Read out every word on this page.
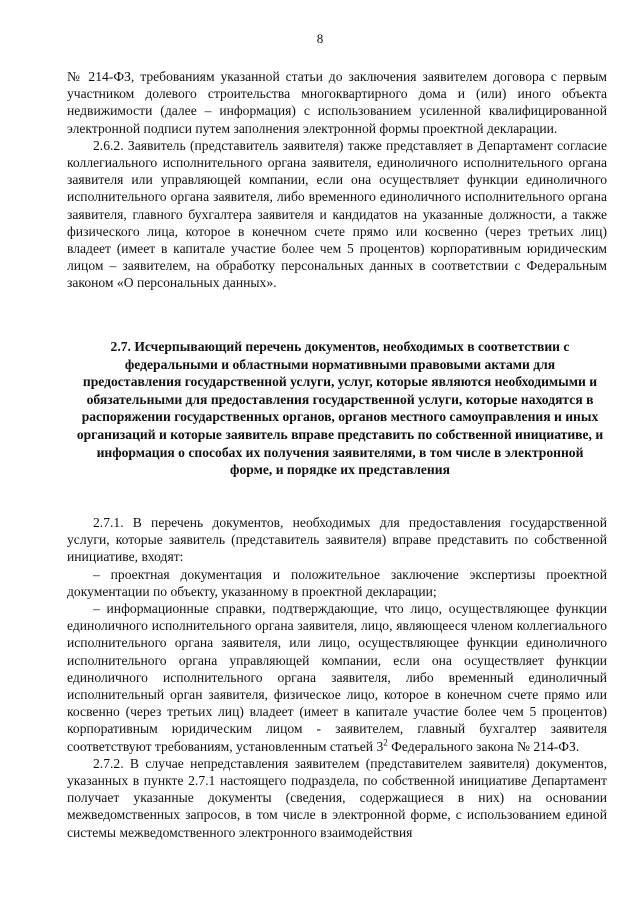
8

№ 214-ФЗ, требованиям указанной статьи до заключения заявителем договора с первым участником долевого строительства многоквартирного дома и (или) иного объекта недвижимости (далее – информация) с использованием усиленной квалифицированной электронной подписи путем заполнения электронной формы проектной декларации.

2.6.2. Заявитель (представитель заявителя) также представляет в Департамент согласие коллегиального исполнительного органа заявителя, единоличного исполнительного органа заявителя или управляющей компании, если она осуществляет функции единоличного исполнительного органа заявителя, либо временного единоличного исполнительного органа заявителя, главного бухгалтера заявителя и кандидатов на указанные должности, а также физического лица, которое в конечном счете прямо или косвенно (через третьих лиц) владеет (имеет в капитале участие более чем 5 процентов) корпоративным юридическим лицом – заявителем, на обработку персональных данных в соответствии с Федеральным законом «О персональных данных».

2.7. Исчерпывающий перечень документов, необходимых в соответствии с федеральными и областными нормативными правовыми актами для предоставления государственной услуги, услуг, которые являются необходимыми и обязательными для предоставления государственной услуги, которые находятся в распоряжении государственных органов, органов местного самоуправления и иных организаций и которые заявитель вправе представить по собственной инициативе, и информация о способах их получения заявителями, в том числе в электронной форме, и порядке их представления

2.7.1. В перечень документов, необходимых для предоставления государственной услуги, которые заявитель (представитель заявителя) вправе представить по собственной инициативе, входят:

– проектная документация и положительное заключение экспертизы проектной документации по объекту, указанному в проектной декларации;

– информационные справки, подтверждающие, что лицо, осуществляющее функции единоличного исполнительного органа заявителя, лицо, являющееся членом коллегиального исполнительного органа заявителя, или лицо, осуществляющее функции единоличного исполнительного органа управляющей компании, если она осуществляет функции единоличного исполнительного органа заявителя, либо временный единоличный исполнительный орган заявителя, физическое лицо, которое в конечном счете прямо или косвенно (через третьих лиц) владеет (имеет в капитале участие более чем 5 процентов) корпоративным юридическим лицом - заявителем, главный бухгалтер заявителя соответствуют требованиям, установленным статьей $3^2$ Федерального закона № 214-ФЗ.

2.7.2. В случае непредставления заявителем (представителем заявителя) документов, указанных в пункте 2.7.1 настоящего подраздела, по собственной инициативе Департамент получает указанные документы (сведения, содержащиеся в них) на основании межведомственных запросов, в том числе в электронной форме, с использованием единой системы межведомственного электронного взаимодействия
